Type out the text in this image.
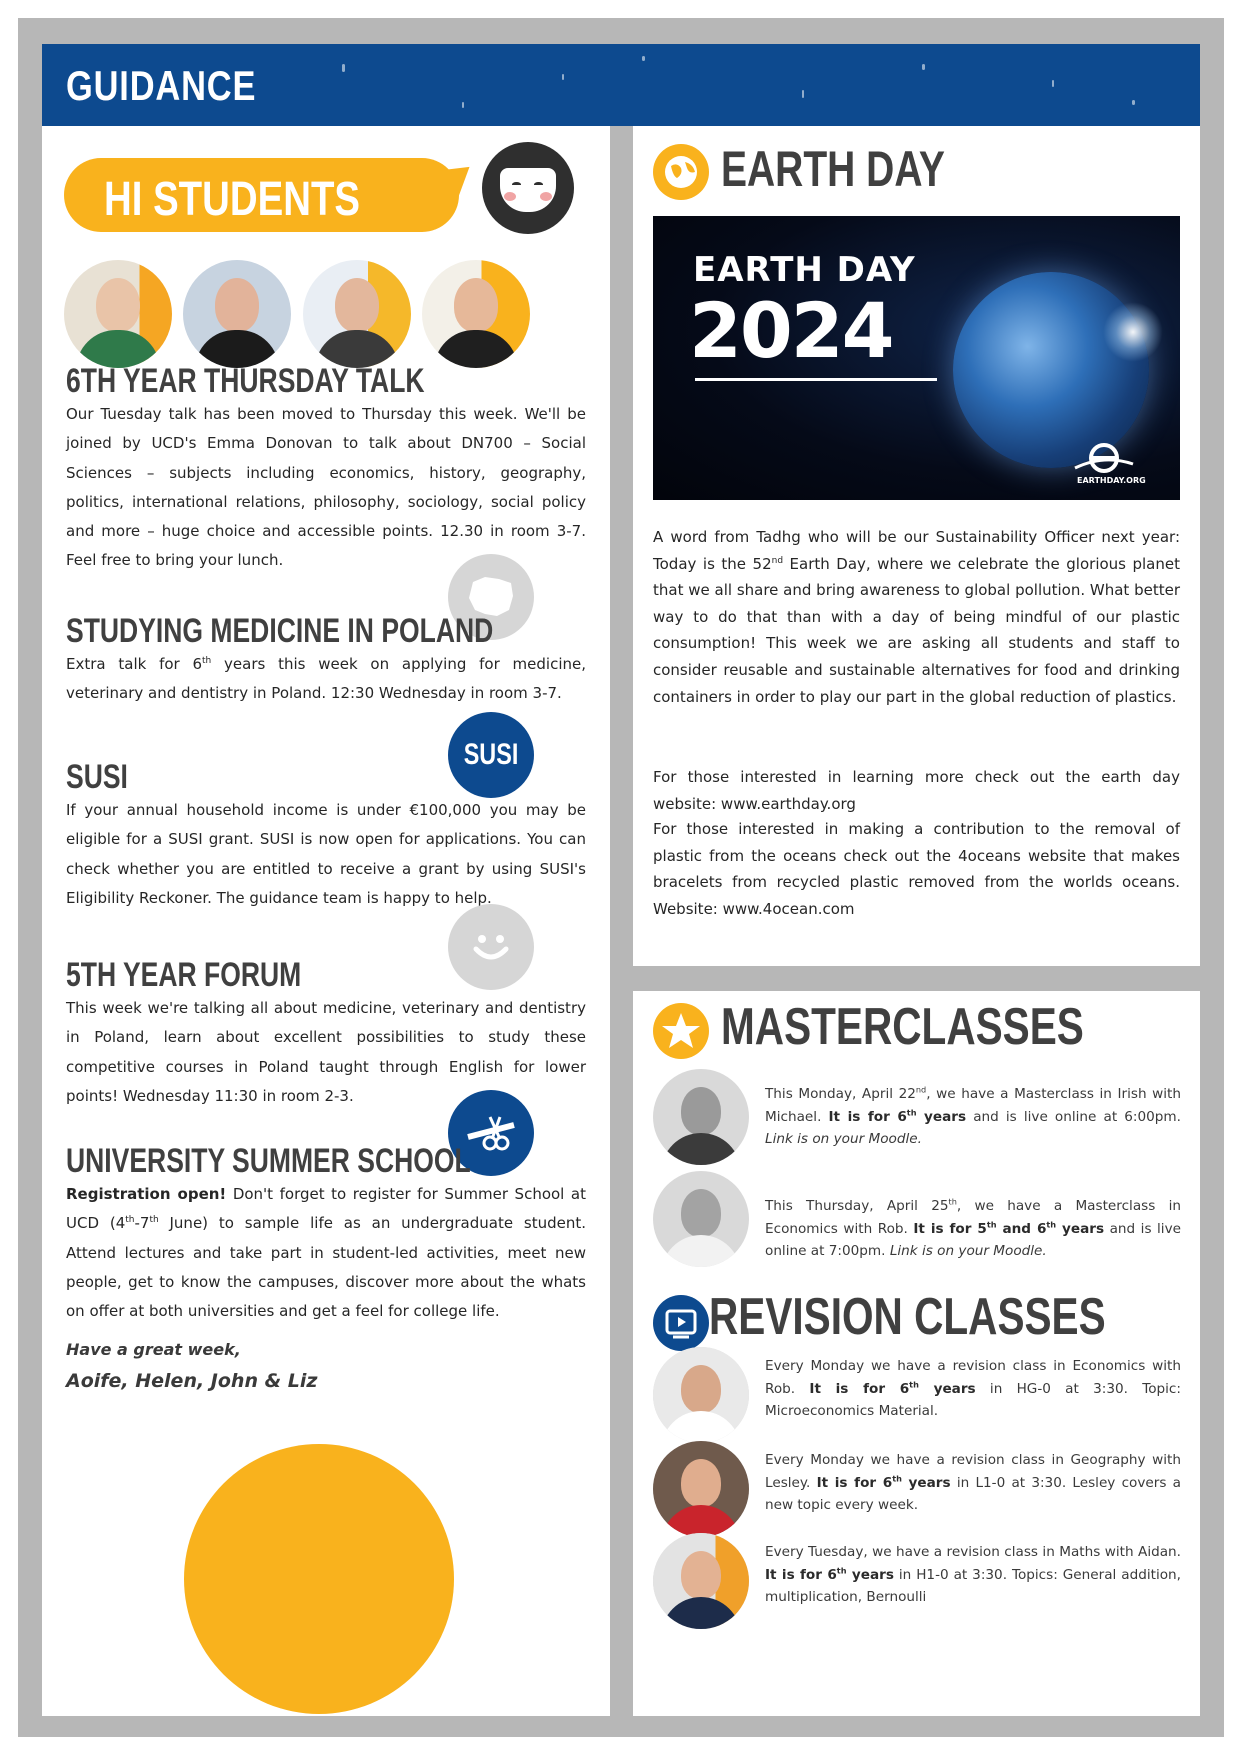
GUIDANCE
HI STUDENTS
6TH YEAR THURSDAY TALK
Our Tuesday talk has been moved to Thursday this week. We'll be joined by UCD's Emma Donovan to talk about DN700 – Social Sciences – subjects including economics, history, geography, politics, international relations, philosophy, sociology, social policy and more – huge choice and accessible points. 12.30 in room 3-7. Feel free to bring your lunch.
STUDYING MEDICINE IN POLAND
Extra talk for 6th years this week on applying for medicine, veterinary and dentistry in Poland. 12:30 Wednesday in room 3-7.
SUSI
SUSI
If your annual household income is under €100,000 you may be eligible for a SUSI grant. SUSI is now open for applications. You can check whether you are entitled to receive a grant by using SUSI's Eligibility Reckoner. The guidance team is happy to help.
5TH YEAR FORUM
This week we're talking all about medicine, veterinary and dentistry in Poland, learn about excellent possibilities to study these competitive courses in Poland taught through English for lower points! Wednesday 11:30 in room 2-3.
UNIVERSITY SUMMER SCHOOL
Registration open! Don't forget to register for Summer School at UCD (4th-7th June) to sample life as an undergraduate student. Attend lectures and take part in student-led activities, meet new people, get to know the campuses, discover more about the whats on offer at both universities and get a feel for college life.
Have a great week,
Aoife, Helen, John & Liz
EARTH DAY
EARTH DAY
2024
EARTHDAY.ORG
A word from Tadhg who will be our Sustainability Officer next year: Today is the 52nd Earth Day, where we celebrate the glorious planet that we all share and bring awareness to global pollution. What better way to do that than with a day of being mindful of our plastic consumption! This week we are asking all students and staff to consider reusable and sustainable alternatives for food and drinking containers in order to play our part in the global reduction of plastics.
For those interested in learning more check out the earth day website: www.earthday.org
For those interested in making a contribution to the removal of plastic from the oceans check out the 4oceans website that makes bracelets from recycled plastic removed from the worlds oceans. Website: www.4ocean.com
MASTERCLASSES
This Monday, April 22nd, we have a Masterclass in Irish with Michael. It is for 6th years and is live online at 6:00pm. Link is on your Moodle.
This Thursday, April 25th, we have a Masterclass in Economics with Rob. It is for 5th and 6th years and is live online at 7:00pm. Link is on your Moodle.
REVISION CLASSES
Every Monday we have a revision class in Economics with Rob. It is for 6th years in HG-0 at 3:30. Topic: Microeconomics Material.
Every Monday we have a revision class in Geography with Lesley. It is for 6th years in L1-0 at 3:30. Lesley covers a new topic every week.
Every Tuesday, we have a revision class in Maths with Aidan. It is for 6th years in H1-0 at 3:30. Topics: General addition, multiplication, Bernoulli
